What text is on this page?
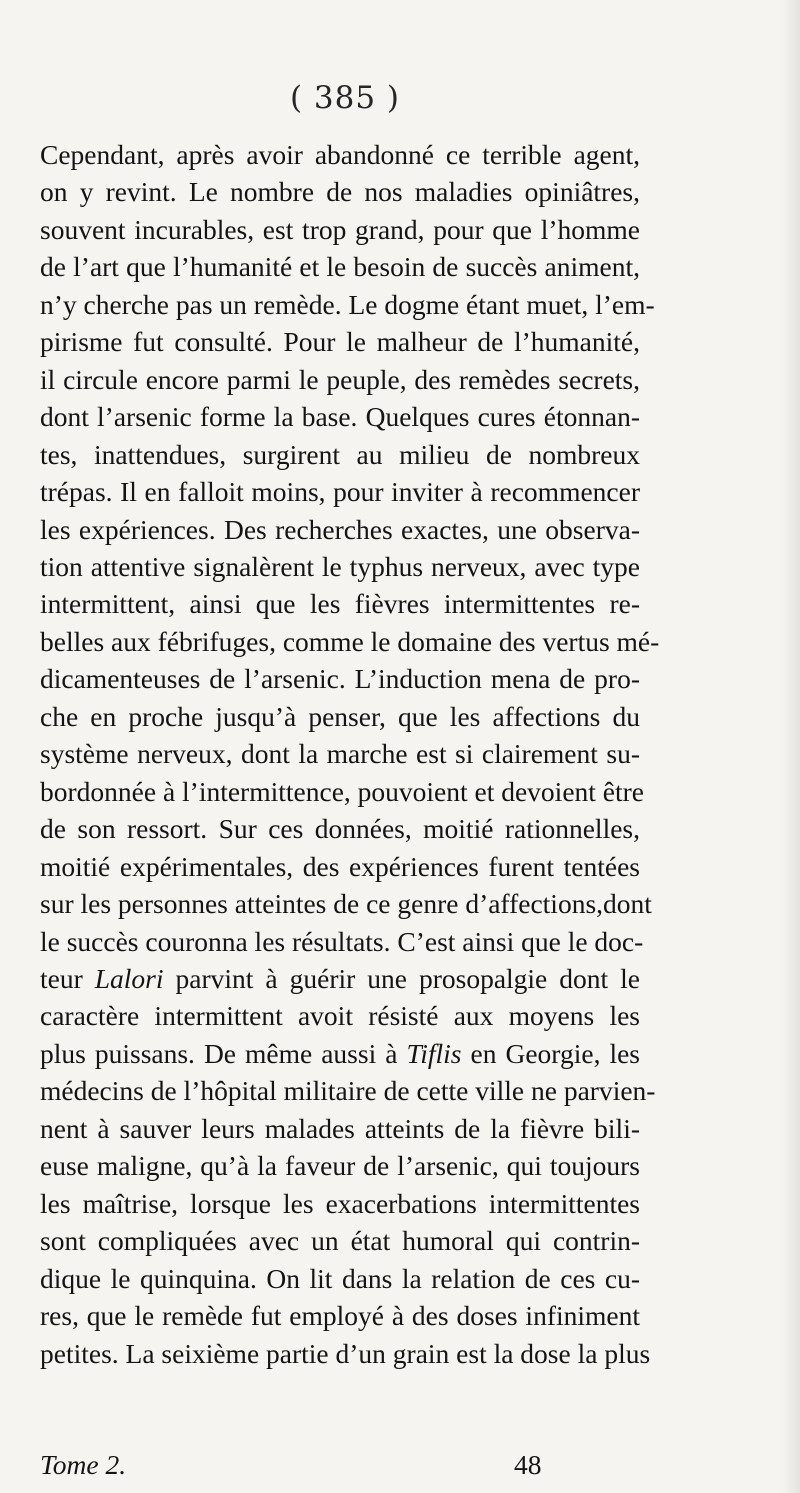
( 385 )
Cependant, après avoir abandonné ce terrible agent,
on y revint. Le nombre de nos maladies opiniâtres,
souvent incurables, est trop grand, pour que l’homme
de l’art que l’humanité et le besoin de succès animent,
n’y cherche pas un remède. Le dogme étant muet, l’em-
pirisme fut consulté. Pour le malheur de l’humanité,
il circule encore parmi le peuple, des remèdes secrets,
dont l’arsenic forme la base. Quelques cures étonnan-
tes, inattendues, surgirent au milieu de nombreux
trépas. Il en falloit moins, pour inviter à recommencer
les expériences. Des recherches exactes, une observa-
tion attentive signalèrent le typhus nerveux, avec type
intermittent, ainsi que les fièvres intermittentes re-
belles aux fébrifuges, comme le domaine des vertus mé-
dicamenteuses de l’arsenic. L’induction mena de pro-
che en proche jusqu’à penser, que les affections du
système nerveux, dont la marche est si clairement su-
bordonnée à l’intermittence, pouvoient et devoient être
de son ressort. Sur ces données, moitié rationnelles,
moitié expérimentales, des expériences furent tentées
sur les personnes atteintes de ce genre d’affections,dont
le succès couronna les résultats. C’est ainsi que le doc-
teur Lalori parvint à guérir une prosopalgie dont le
caractère intermittent avoit résisté aux moyens les
plus puissans. De même aussi à Tiflis en Georgie, les
médecins de l’hôpital militaire de cette ville ne parvien-
nent à sauver leurs malades atteints de la fièvre bili-
euse maligne, qu’à la faveur de l’arsenic, qui toujours
les maîtrise, lorsque les exacerbations intermittentes
sont compliquées avec un état humoral qui contrin-
dique le quinquina. On lit dans la relation de ces cu-
res, que le remède fut employé à des doses infiniment
petites. La seixième partie d’un grain est la dose la plus
Tome 2.	48
